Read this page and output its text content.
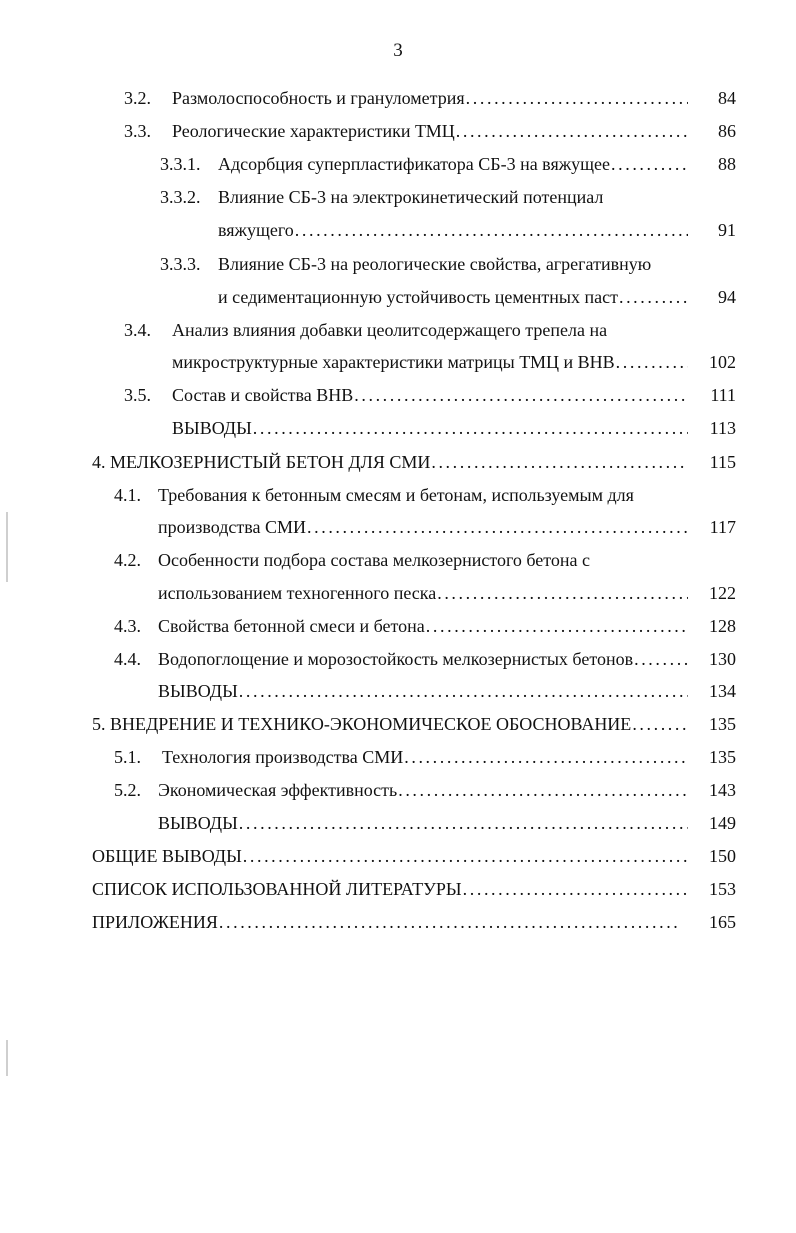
3
3.2. Размолоспособность и гранулометрия .....	84
3.3. Реологические характеристики ТМЦ .....	86
3.3.1. Адсорбция суперпластификатора СБ-3 на вяжущее .....	88
3.3.2. Влияние СБ-3 на электрокинетический потенциал
вяжущего .....	91
3.3.3. Влияние СБ-3 на реологические свойства, агрегативную
и седиментационную устойчивость цементных паст .....	94
3.4. Анализ влияния добавки цеолитсодержащего трепела на
микроструктурные характеристики матрицы ТМЦ и ВНВ .....	102
3.5. Состав и свойства ВНВ .....	111
ВЫВОДЫ .....	113
4. МЕЛКОЗЕРНИСТЫЙ БЕТОН ДЛЯ СМИ .....	115
4.1. Требования к бетонным смесям и бетонам, используемым для
производства СМИ .....	117
4.2. Особенности подбора состава мелкозернистого бетона с
использованием техногенного песка .....	122
4.3. Свойства бетонной смеси и бетона .....	128
4.4. Водопоглощение и морозостойкость мелкозернистых бетонов .....	130
ВЫВОДЫ .....	134
5. ВНЕДРЕНИЕ И ТЕХНИКО-ЭКОНОМИЧЕСКОЕ ОБОСНОВАНИЕ .....	135
5.1. Технология производства СМИ .....	135
5.2. Экономическая эффективность .....	143
ВЫВОДЫ .....	149
ОБЩИЕ ВЫВОДЫ .....	150
СПИСОК ИСПОЛЬЗОВАННОЙ ЛИТЕРАТУРЫ .....	153
ПРИЛОЖЕНИЯ .....	165
